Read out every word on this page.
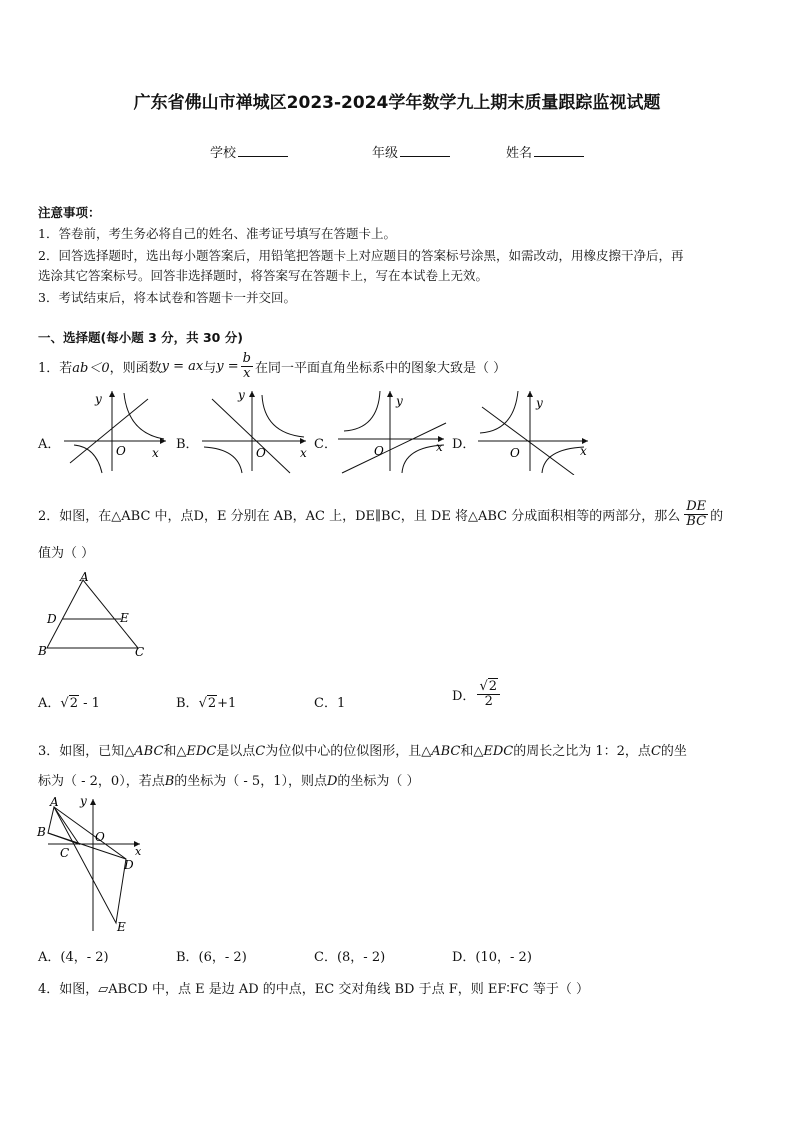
广东省佛山市禅城区2023-2024学年数学九上期末质量跟踪监视试题
学校	年级	姓名
注意事项：
1．答卷前，考生务必将自己的姓名、准考证号填写在答题卡上。
2．回答选择题时，选出每小题答案后，用铅笔把答题卡上对应题目的答案标号涂黑，如需改动，用橡皮擦干净后，再
选涂其它答案标号。回答非选择题时，将答案写在答题卡上，写在本试卷上无效。
3．考试结束后，将本试卷和答题卡一并交回。
一、选择题(每小题 3 分，共 30 分)
1．若 ab＜0 ，则函数 y = ax 与 $y = \frac{b}{x}$ 在同一平面直角坐标系中的图象大致是（ ）
A．	B．	C．	D．
y
x
O
y
x
O
y
x
O
y
x
O
2．如图，在△ABC 中，点D，E 分别在 AB，AC 上，DE∥BC，且 DE 将△ABC 分成面积相等的两部分，那么 $\frac{DE}{BC}$ 的
值为（ ）
A
D	E
B	C
A．√2 - 1	B．√2+1	C．1	D． $\frac{√2}{2}$
3．如图，已知△ABC和△EDC是以点C为位似中心的位似图形，且△ABC和△EDC的周长之比为 1：2，点C的坐
标为（ - 2，0），若点B的坐标为（ - 5，1），则点D的坐标为（ ）
A y
B	O
C	x
D
E
A．(4，- 2)	B．(6，- 2)	C．(8，- 2)	D．(10，- 2)
4．如图，▱ABCD 中，点 E 是边 AD 的中点，EC 交对角线 BD 于点 F，则 EF∶FC 等于（ ）
